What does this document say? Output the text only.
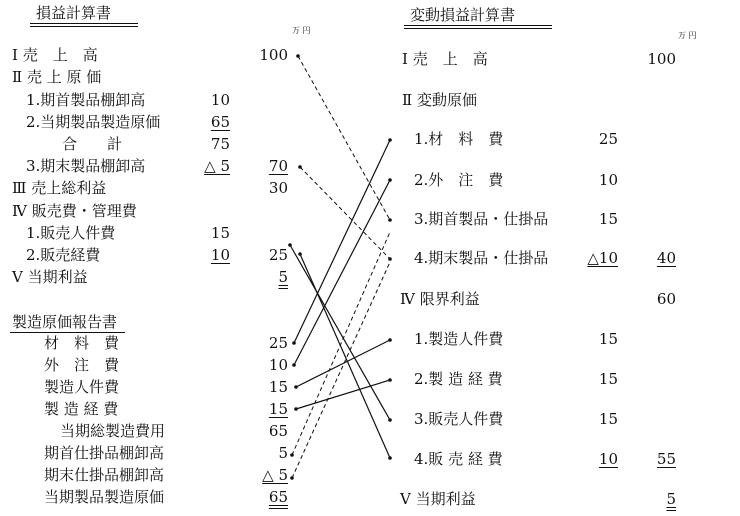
損益計算書
万 円
Ⅰ 売　上　高	100
Ⅱ 売 上 原 価
1.期首製品棚卸高	10
2.当期製品製造原価	65
合　　計	75
3.期末製品棚卸高	△ 5	70
Ⅲ 売上総利益	30
Ⅳ 販売費・管理費
1.販売人件費	15
2.販売経費	10	25
Ⅴ 当期利益	5
製造原価報告書
材　料　費	25
外　注　費	10
製造人件費	15
製 造 経 費	15
当期総製造費用	65
期首仕掛品棚卸高	5
期末仕掛品棚卸高	△ 5
当期製品製造原価	65
変動損益計算書
万 円
Ⅰ 売　上　高	100
Ⅱ 変動原価
1.材　料　費	25
2.外　注　費	10
3.期首製品・仕掛品	15
4.期末製品・仕掛品	△10	40
Ⅳ 限界利益	60
1.製造人件費	15
2.製 造 経 費	15
3.販売人件費	15
4.販 売 経 費	10	55
Ⅴ 当期利益	5
